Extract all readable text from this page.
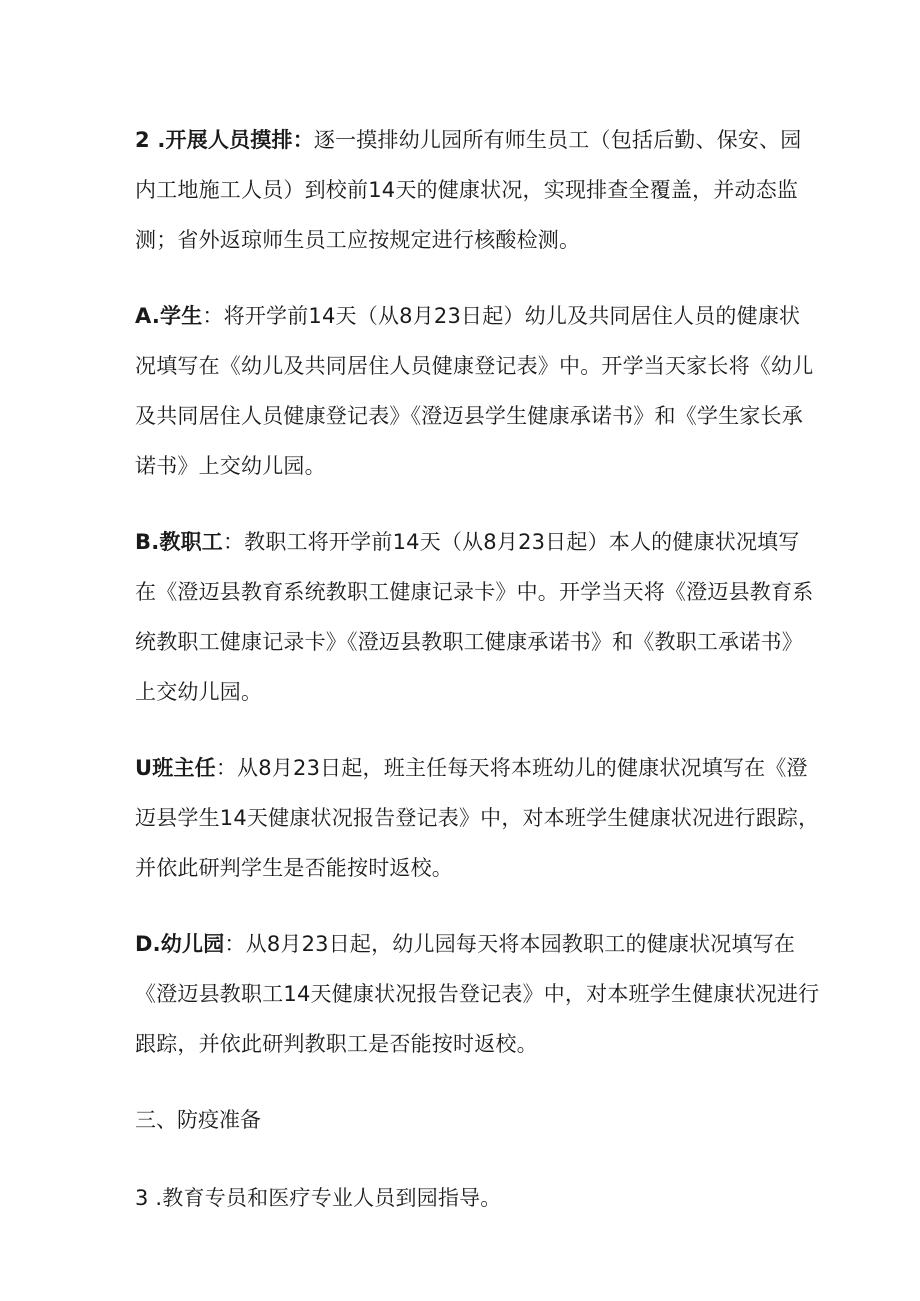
2 .开展人员摸排：逐一摸排幼儿园所有师生员工（包括后勤、保安、园内工地施工人员）到校前14天的健康状况，实现排查全覆盖，并动态监测；省外返琼师生员工应按规定进行核酸检测。

A.学生：将开学前14天（从8月23日起）幼儿及共同居住人员的健康状况填写在《幼儿及共同居住人员健康登记表》中。开学当天家长将《幼儿及共同居住人员健康登记表》《澄迈县学生健康承诺书》和《学生家长承诺书》上交幼儿园。

B.教职工：教职工将开学前14天（从8月23日起）本人的健康状况填写在《澄迈县教育系统教职工健康记录卡》中。开学当天将《澄迈县教育系统教职工健康记录卡》《澄迈县教职工健康承诺书》和《教职工承诺书》上交幼儿园。

U班主任：从8月23日起，班主任每天将本班幼儿的健康状况填写在《澄迈县学生14天健康状况报告登记表》中，对本班学生健康状况进行跟踪，并依此研判学生是否能按时返校。

D.幼儿园：从8月23日起，幼儿园每天将本园教职工的健康状况填写在《澄迈县教职工14天健康状况报告登记表》中，对本班学生健康状况进行跟踪，并依此研判教职工是否能按时返校。

三、防疫准备

3 .教育专员和医疗专业人员到园指导。
